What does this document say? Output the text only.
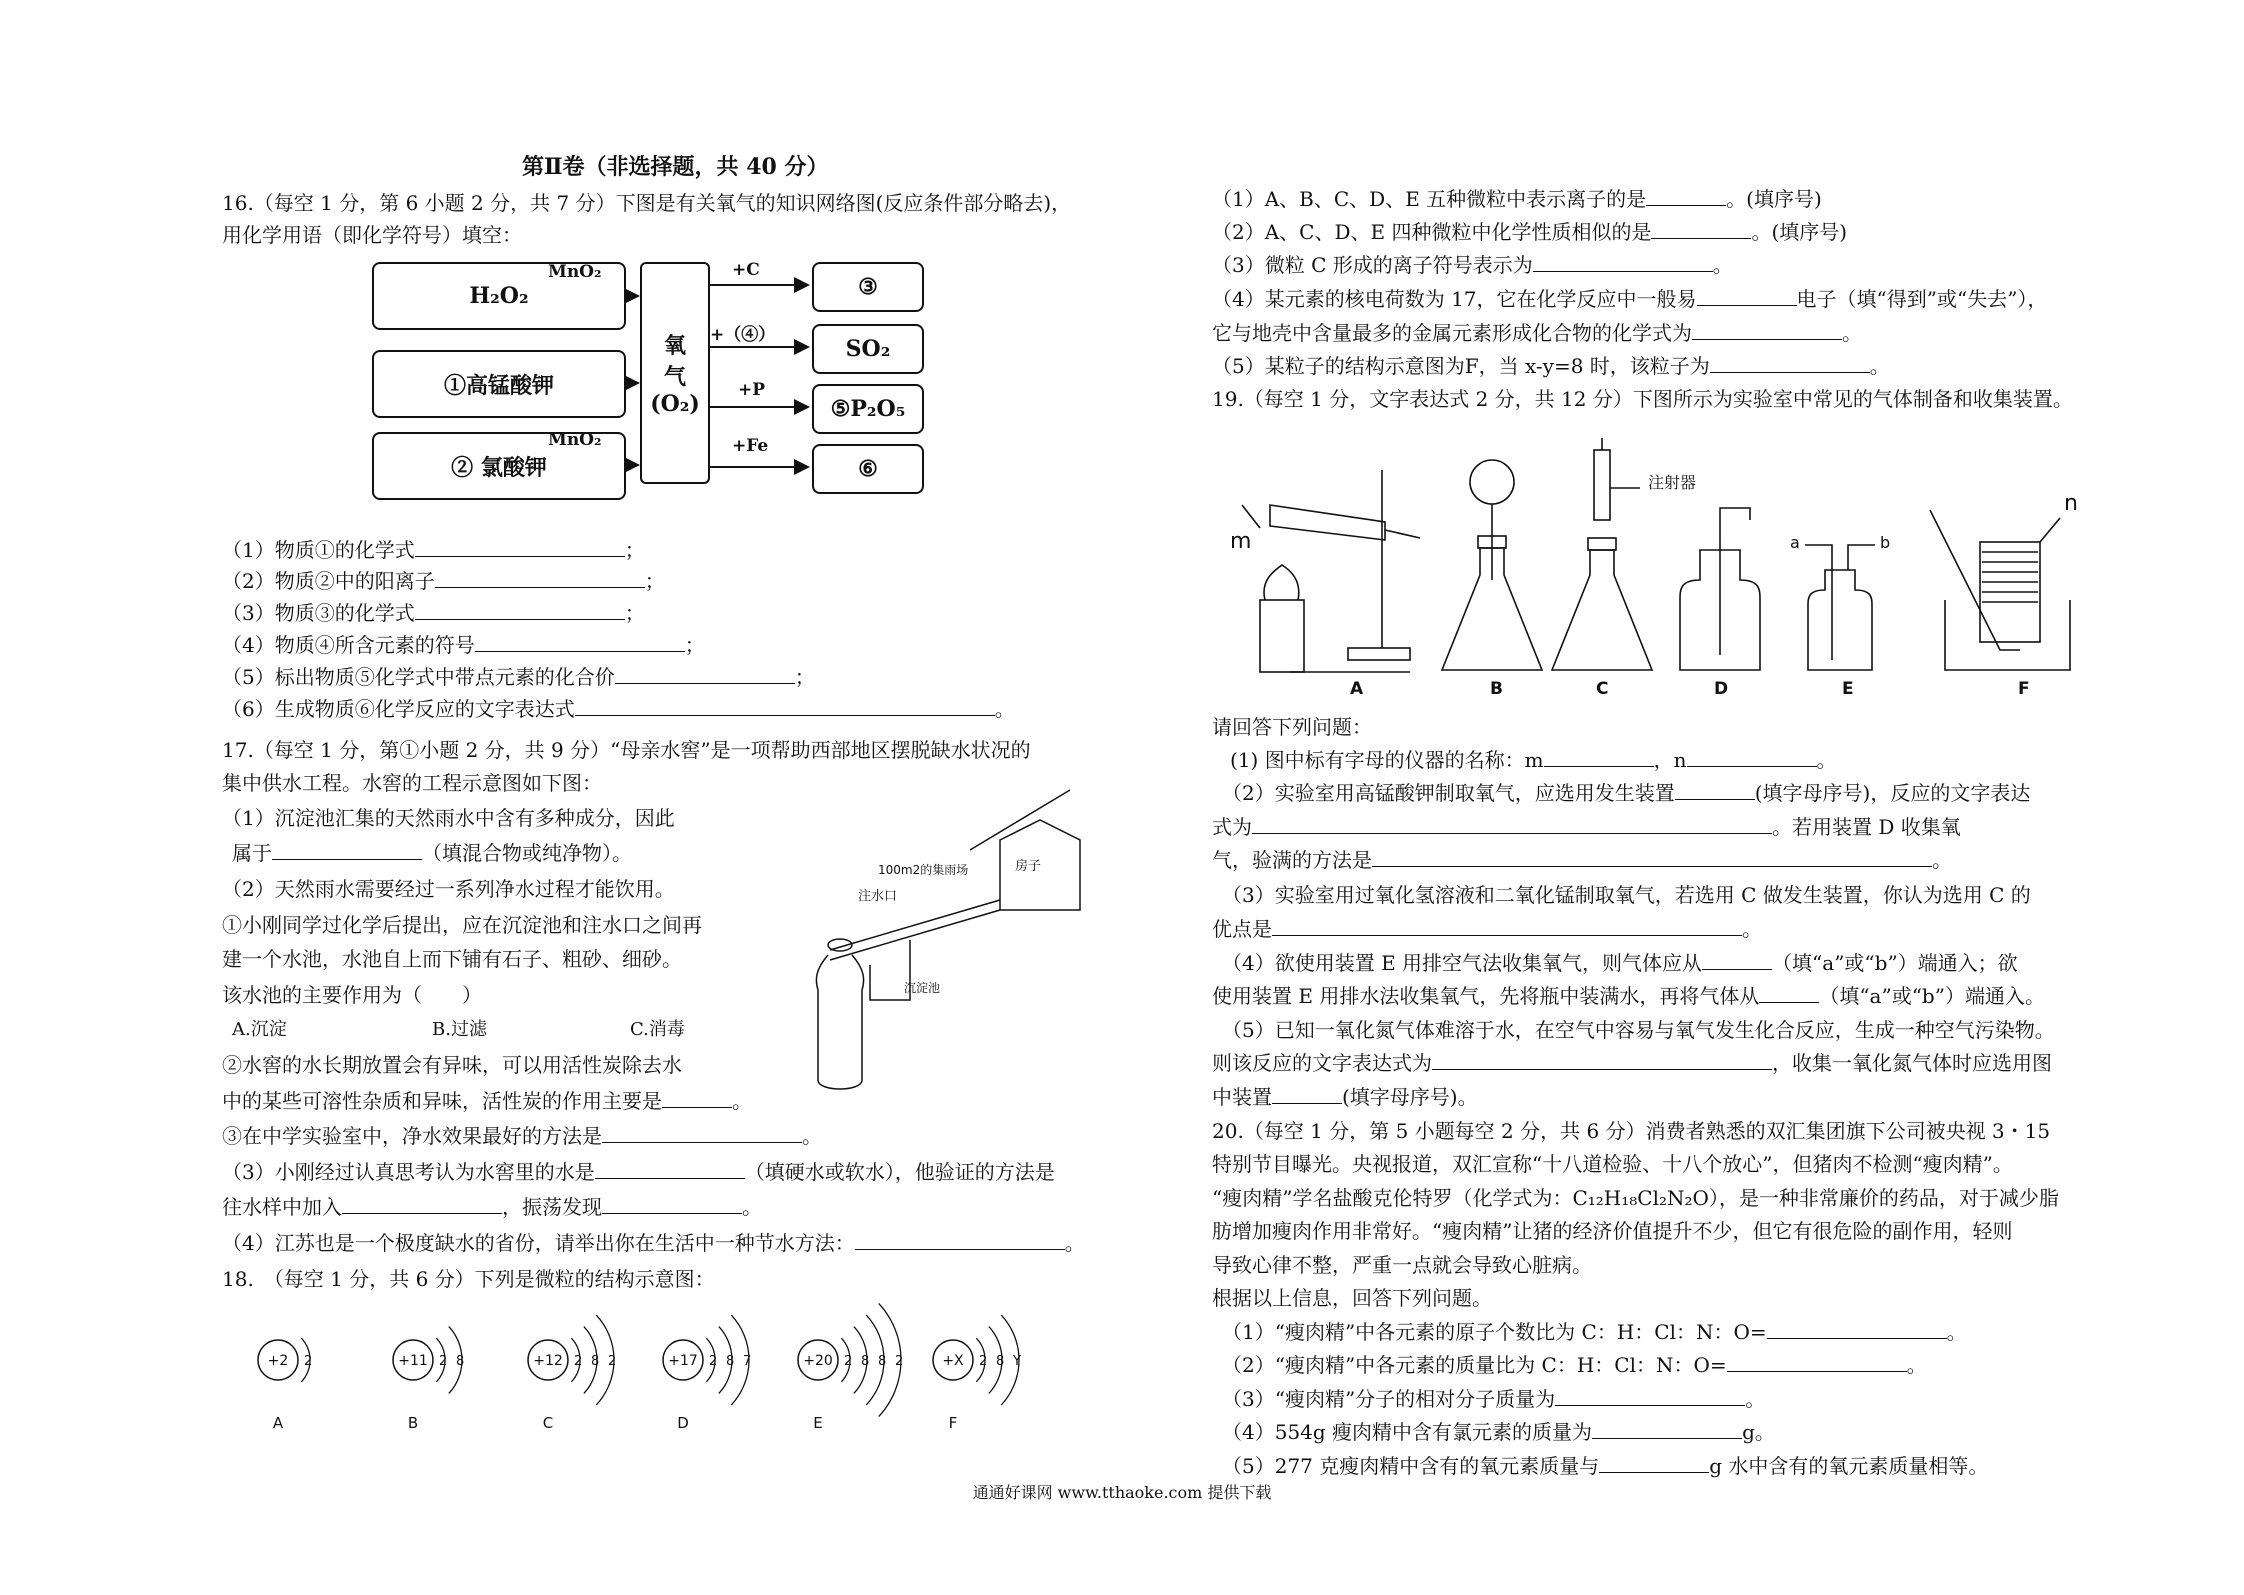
第Ⅱ卷（非选择题，共 40 分）
16.（每空 1 分，第 6 小题 2 分，共 7 分）下图是有关氧气的知识网络图(反应条件部分略去)，
用化学用语（即化学符号）填空：
H₂O₂
①高锰酸钾
② 氯酸钾
氧
气
(O₂)
③
SO₂
⑤P₂O₅
⑥
MnO₂
MnO₂
+C
+（④）
+P
+Fe
（1）物质①的化学式	；
（2）物质②中的阳离子	；
（3）物质③的化学式	；
（4）物质④所含元素的符号	；
（5）标出物质⑤化学式中带点元素的化合价	；
（6）生成物质⑥化学反应的文字表达式	。
17.（每空 1 分，第①小题 2 分，共 9 分）“母亲水窖”是一项帮助西部地区摆脱缺水状况的
集中供水工程。水窖的工程示意图如下图：
（1）沉淀池汇集的天然雨水中含有多种成分，因此
属于	（填混合物或纯净物）。
（2）天然雨水需要经过一系列净水过程才能饮用。
①小刚同学过化学后提出，应在沉淀池和注水口之间再
建一个水池，水池自上而下铺有石子、粗砂、细砂。
该水池的主要作用为（　　）
A.沉淀	B.过滤	C.消毒
②水窖的水长期放置会有异味，可以用活性炭除去水
中的某些可溶性杂质和异味，活性炭的作用主要是	。
③在中学实验室中，净水效果最好的方法是	。
（3）小刚经过认真思考认为水窖里的水是	（填硬水或软水），他验证的方法是
往水样中加入	，振荡发现	。
（4）江苏也是一个极度缺水的省份，请举出你在生活中一种节水方法：	。
100m2的集雨场	房子
注水口
沉淀池
18.　（每空 1 分，共 6 分）下列是微粒的结构示意图：
+2 2
A
+11 2 8
B
+12 2 8 2
C
+17 2 8 7
D
+20 2 8 8 2
E
+X 2 8 Y
F
（1）A、B、C、D、E 五种微粒中表示离子的是	。(填序号)
（2）A、C、D、E 四种微粒中化学性质相似的是	。(填序号)
（3）微粒 C 形成的离子符号表示为	。
（4）某元素的核电荷数为 17，它在化学反应中一般易	电子（填“得到”或“失去”），
它与地壳中含量最多的金属元素形成化合物的化学式为	。
（5）某粒子的结构示意图为F，当 x-y=8 时，该粒子为	。
19.（每空 1 分，文字表达式 2 分，共 12 分）下图所示为实验室中常见的气体制备和收集装置。
m
n
注射器
a	b
A	B	C	D	E	F
请回答下列问题：
(1) 图中标有字母的仪器的名称：m	，n	。
（2）实验室用高锰酸钾制取氧气，应选用发生装置	(填字母序号)，反应的文字表达
式为	。若用装置 D 收集氧
气，验满的方法是	。
（3）实验室用过氧化氢溶液和二氧化锰制取氧气，若选用 C 做发生装置，你认为选用 C 的
优点是	。
（4）欲使用装置 E 用排空气法收集氧气，则气体应从	（填“a”或“b”）端通入；欲
使用装置 E 用排水法收集氧气，先将瓶中装满水，再将气体从	（填“a”或“b”）端通入。
（5）已知一氧化氮气体难溶于水，在空气中容易与氧气发生化合反应，生成一种空气污染物。
则该反应的文字表达式为	，收集一氧化氮气体时应选用图
中装置	(填字母序号)。
20.（每空 1 分，第 5 小题每空 2 分，共 6 分）消费者熟悉的双汇集团旗下公司被央视 3・15
特别节目曝光。央视报道，双汇宣称“十八道检验、十八个放心”，但猪肉不检测“瘦肉精”。
“瘦肉精”学名盐酸克伦特罗（化学式为：C₁₂H₁₈Cl₂N₂O），是一种非常廉价的药品，对于减少脂
肪增加瘦肉作用非常好。“瘦肉精”让猪的经济价值提升不少，但它有很危险的副作用，轻则
导致心律不整，严重一点就会导致心脏病。
根据以上信息，回答下列问题。
（1）“瘦肉精”中各元素的原子个数比为 C：H：Cl：N：O=	。
（2）“瘦肉精”中各元素的质量比为 C：H：Cl：N：O=	。
（3）“瘦肉精”分子的相对分子质量为	。
（4）554g 瘦肉精中含有氯元素的质量为	g。
（5）277 克瘦肉精中含有的氧元素质量与	g 水中含有的氧元素质量相等。
通通好课网 www.tthaoke.com 提供下载
